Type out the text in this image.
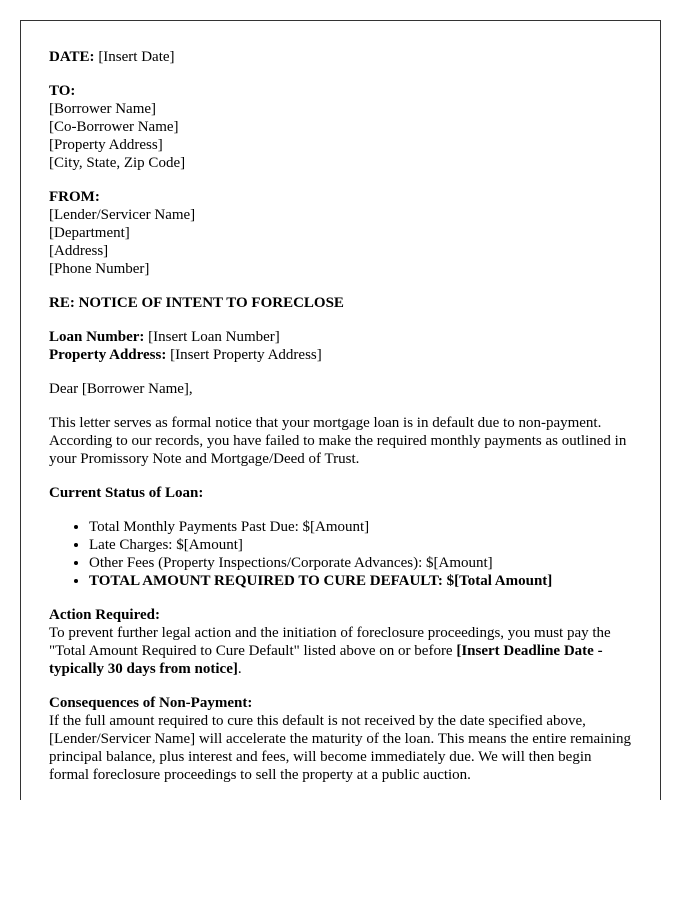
DATE: [Insert Date]

TO:
[Borrower Name]
[Co-Borrower Name]
[Property Address]
[City, State, Zip Code]

FROM:
[Lender/Servicer Name]
[Department]
[Address]
[Phone Number]

RE: NOTICE OF INTENT TO FORECLOSE

Loan Number: [Insert Loan Number]
Property Address: [Insert Property Address]

Dear [Borrower Name],

This letter serves as formal notice that your mortgage loan is in default due to non-payment. According to our records, you have failed to make the required monthly payments as outlined in your Promissory Note and Mortgage/Deed of Trust.

Current Status of Loan:

• Total Monthly Payments Past Due: $[Amount]
• Late Charges: $[Amount]
• Other Fees (Property Inspections/Corporate Advances): $[Amount]
• TOTAL AMOUNT REQUIRED TO CURE DEFAULT: $[Total Amount]

Action Required:
To prevent further legal action and the initiation of foreclosure proceedings, you must pay the "Total Amount Required to Cure Default" listed above on or before [Insert Deadline Date - typically 30 days from notice].

Consequences of Non-Payment:
If the full amount required to cure this default is not received by the date specified above, [Lender/Servicer Name] will accelerate the maturity of the loan. This means the entire remaining principal balance, plus interest and fees, will become immediately due. We will then begin formal foreclosure proceedings to sell the property at a public auction.
